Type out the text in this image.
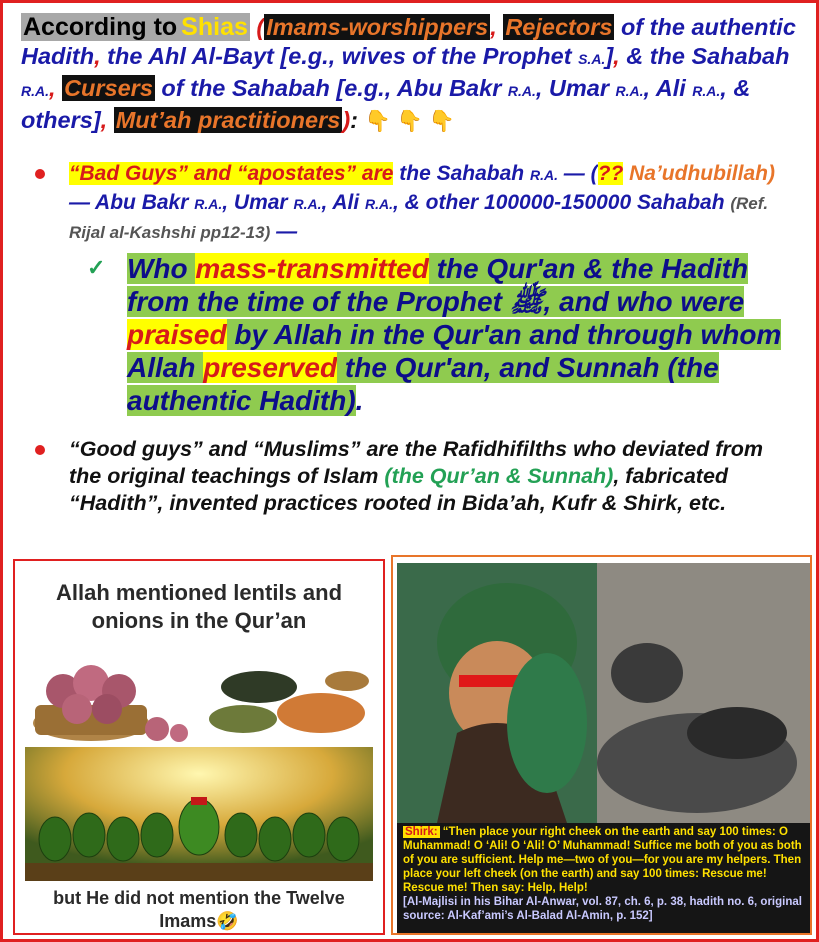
According to Shias (Imams-worshippers, Rejectors of the authentic Hadith, the Ahl Al-Bayt [e.g., wives of the Prophet S.A.], & the Sahabah R.A., Cursers of the Sahabah [e.g., Abu Bakr R.A., Umar R.A., Ali R.A., & others], Mut’ah practitioners): 👇 👇 👇
“Bad Guys” and “apostates” are the Sahabah R.A. — (?? Na’udhubillah) — Abu Bakr R.A., Umar R.A., Ali R.A., & other 100000-150000 Sahabah (Ref. Rijal al-Kashshi pp12-13) —
✓ Who mass-transmitted the Qur'an & the Hadith from the time of the Prophet ﷺ, and who were praised by Allah in the Qur'an and through whom Allah preserved the Qur'an, and Sunnah (the authentic Hadith).
“Good guys” and “Muslims” are the Rafidhifilths who deviated from the original teachings of Islam (the Qur’an & Sunnah), fabricated “Hadith”, invented practices rooted in Bida’ah, Kufr & Shirk, etc.
Allah mentioned lentils and onions in the Qur’an
but He did not mention the Twelve Imams🤣
Shirk: “Then place your right cheek on the earth and say 100 times: O Muhammad! O ‘Ali! O ‘Ali! O’ Muhammad! Suffice me both of you as both of you are sufficient. Help me—two of you—for you are my helpers. Then place your left cheek (on the earth) and say 100 times: Rescue me! Rescue me! Then say: Help, Help!
[Al-Majlisi in his Bihar Al-Anwar, vol. 87, ch. 6, p. 38, hadith no. 6, original source: Al-Kaf’ami’s Al-Balad Al-Amin, p. 152]
